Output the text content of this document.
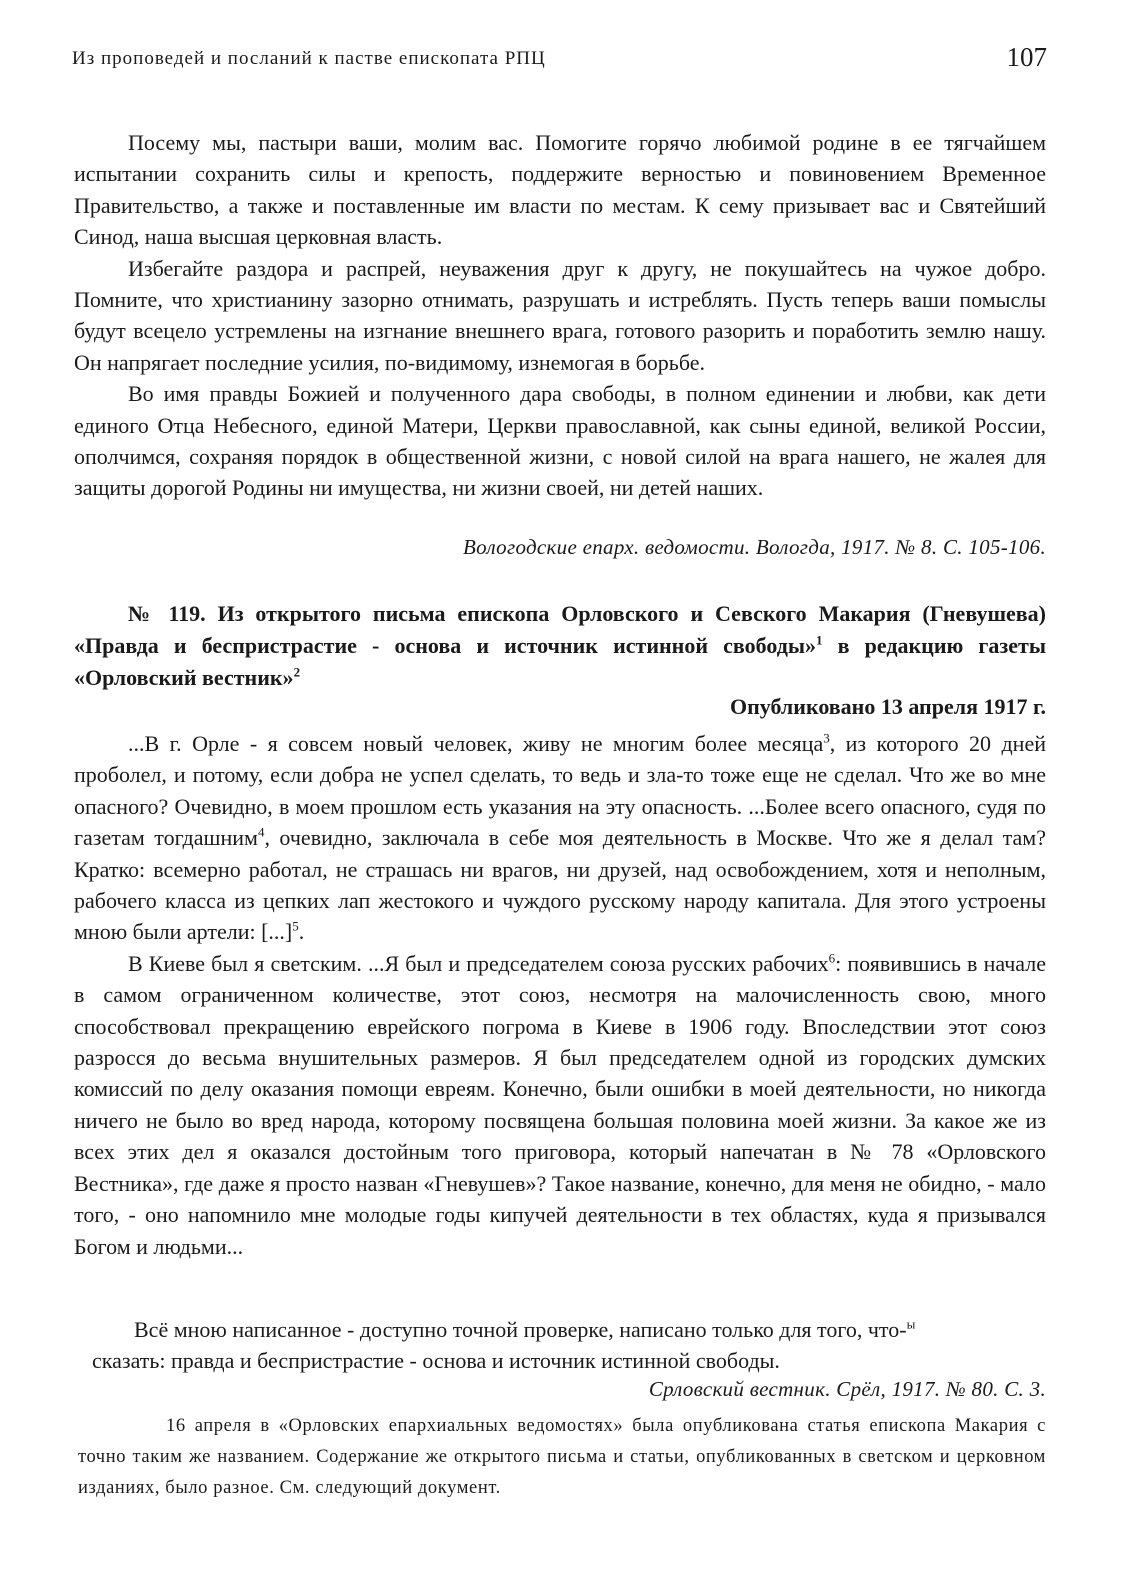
Из проповедей и посланий к пастве епископата РПЦ	107

Посему мы, пастыри ваши, молим вас. Помогите горячо любимой родине в ее тягчайшем испытании сохранить силы и крепость, поддержите верностью и повиновением Временное Правительство, а также и поставленные им власти по местам. К сему призывает вас и Святейший Синод, наша высшая церковная власть.

Избегайте раздора и распрей, неуважения друг к другу, не покушайтесь на чужое добро. Помните, что христианину зазорно отнимать, разрушать и истреблять. Пусть теперь ваши помыслы будут всецело устремлены на изгнание внешнего врага, готового разорить и поработить землю нашу. Он напрягает последние усилия, по-видимому, изнемогая в борьбе.

Во имя правды Божией и полученного дара свободы, в полном единении и любви, как дети единого Отца Небесного, единой Матери, Церкви православной, как сыны единой, великой России, ополчимся, сохраняя порядок в общественной жизни, с новой силой на врага нашего, не жалея для защиты дорогой Родины ни имущества, ни жизни своей, ни детей наших.

Вологодские епарх. ведомости. Вологда, 1917. № 8. С. 105-106.
№ 119. Из открытого письма епископа Орловского и Севского Макария (Гневушева) «Правда и беспристрастие - основа и источник истинной свободы»$^1$ в редакцию газеты «Орловский вестник»$^2$
Опубликовано 13 апреля 1917 г.

...В г. Орле - я совсем новый человек, живу не многим более месяца$^3$, из которого 20 дней проболел, и потому, если добра не успел сделать, то ведь и зла-то тоже еще не сделал. Что же во мне опасного? Очевидно, в моем прошлом есть указания на эту опасность. ...Более всего опасного, судя по газетам тогдашним$^4$, очевидно, заключала в себе моя деятельность в Москве. Что же я делал там? Кратко: всемерно работал, не страшась ни врагов, ни друзей, над освобождением, хотя и неполным, рабочего класса из цепких лап жестокого и чуждого русскому народу капитала. Для этого устроены мною были артели: [...]$^5$.

В Киеве был я светским. ...Я был и председателем союза русских рабочих$^6$: появившись в начале в самом ограниченном количестве, этот союз, несмотря на малочисленность свою, много способствовал прекращению еврейского погрома в Киеве в 1906 году. Впоследствии этот союз разросся до весьма внушительных размеров. Я был председателем одной из городских думских комиссий по делу оказания помощи евреям. Конечно, были ошибки в моей деятельности, но никогда ничего не было во вред народа, которому посвящена большая половина моей жизни. За какое же из всех этих дел я оказался достойным того приговора, который напечатан в № 78 «Орловского Вестника», где даже я просто назван «Гневушев»? Такое название, конечно, для меня не обидно, - мало того, - оно напомнило мне молодые годы кипучей деятельности в тех областях, куда я призывался Богом и людьми...

Всё мною написанное - доступно точной проверке, написано только для того, что-$^ы$
сказать: правда и беспристрастие - основа и источник истинной свободы.
Срловский вестник. Срёл, 1917. № 80. С. 3.
16 апреля в «Орловских епархиальных ведомостях» была опубликована статья епископа Макария с точно таким же названием. Содержание же открытого письма и статьи, опубликованных в светском и церковном изданиях, было разное. См. следующий документ.
